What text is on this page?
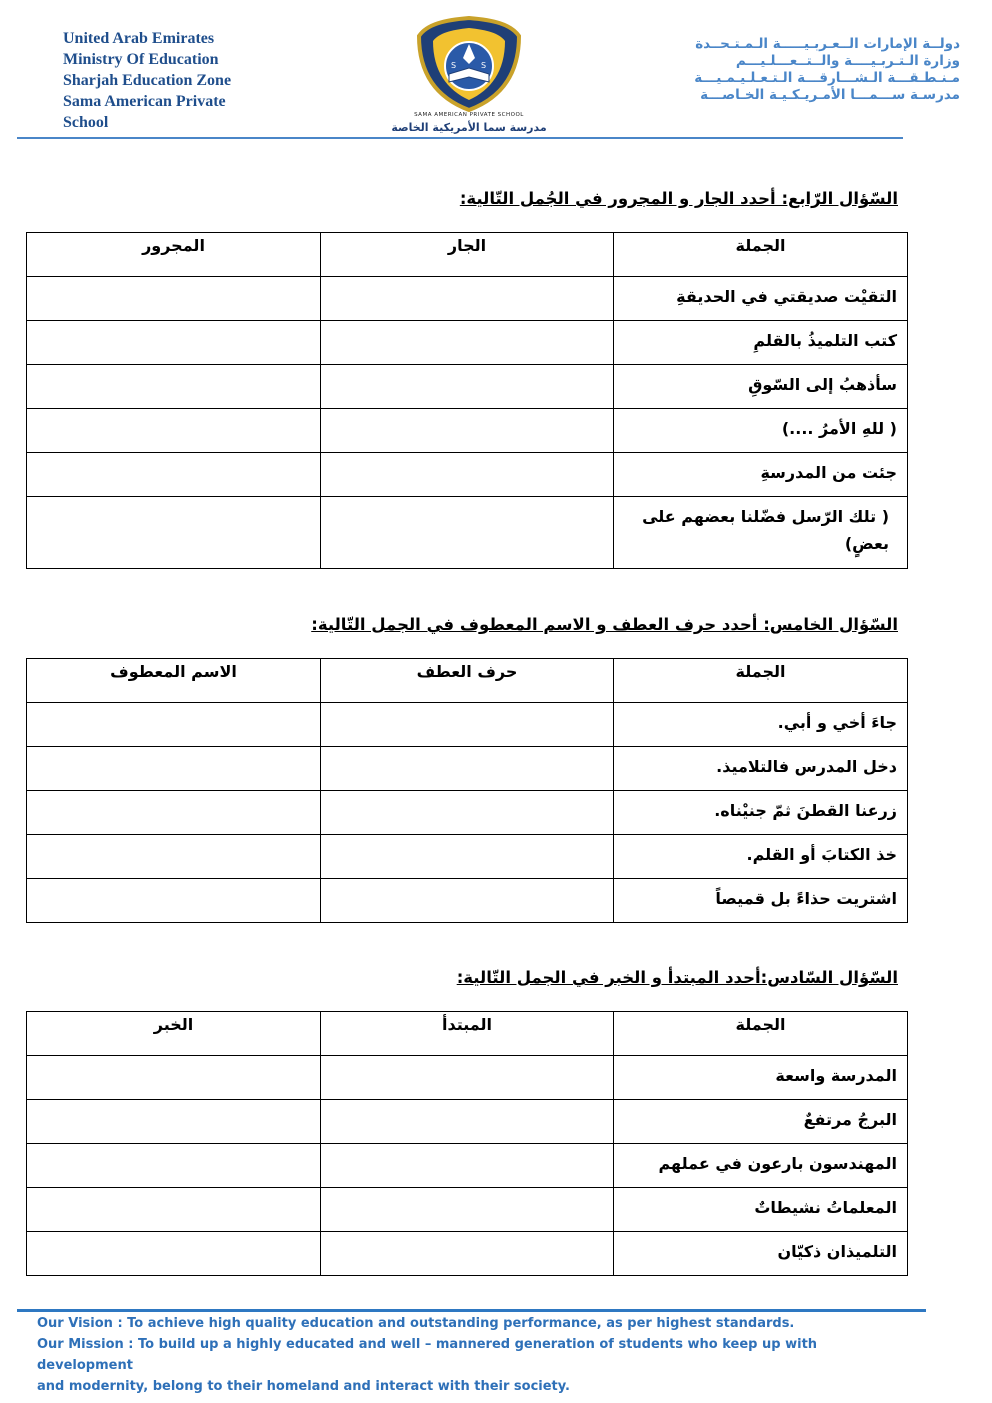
United Arab Emirates
Ministry Of Education
Sharjah Education Zone
Sama American Private
School
S	S
SAMA AMERICAN PRIVATE SCHOOL
مدرسة سما الأمريكية الخاصة
دولــة الإمارات الــعـربـيـــــة الـمـتـحــدة
وزارة الـتـربـيــــة والــتــعـــلـيـــم
مـنـطـقـــة الـشـــارقـــة الـتـعـلـيـمـيـــة
مدرسـة ســـمـــا الأمـريـكـيـة الخـاصـــة
السّؤال الرّابع: أحدد الجار و المجرور في الجُمل التّالية:
الجملة	الجار	المجرور
التقيْت صديقتي في الحديقةِ		
كتب التلميذُ بالقلمِ		
سأذهبُ إلى السّوقِ		
( للهِ الأمرُ ....)		
جئت من المدرسةِ		
( تلك الرّسل فضّلنا بعضهم على بعضٍ)		
السّؤال الخامس: أحدد حرف العطف و الاسم المعطوف في الجمل التّالية:
الجملة	حرف العطف	الاسم المعطوف
جاءَ أخي و أبي.		
دخل المدرس فالتلاميذ.		
زرعنا القطنَ ثمّ جنيْناه.		
خذ الكتابَ أو القلم.		
اشتريت حذاءً بل قميصاً		
السّؤال السّادس:أحدد المبتدأ و الخبر في الجمل التّالية:
الجملة	المبتدأ	الخبر
المدرسة واسعة		
البرجُ مرتفعٌ		
المهندسون بارعون في عملهم		
المعلماتُ نشيطاتٌ		
التلميذان ذكيّان		

Our Vision : To achieve high quality education and outstanding performance, as per highest standards.

Our Mission : To build up a highly educated and well – mannered generation of students who keep up with development

and modernity, belong to their homeland and interact with their society.
